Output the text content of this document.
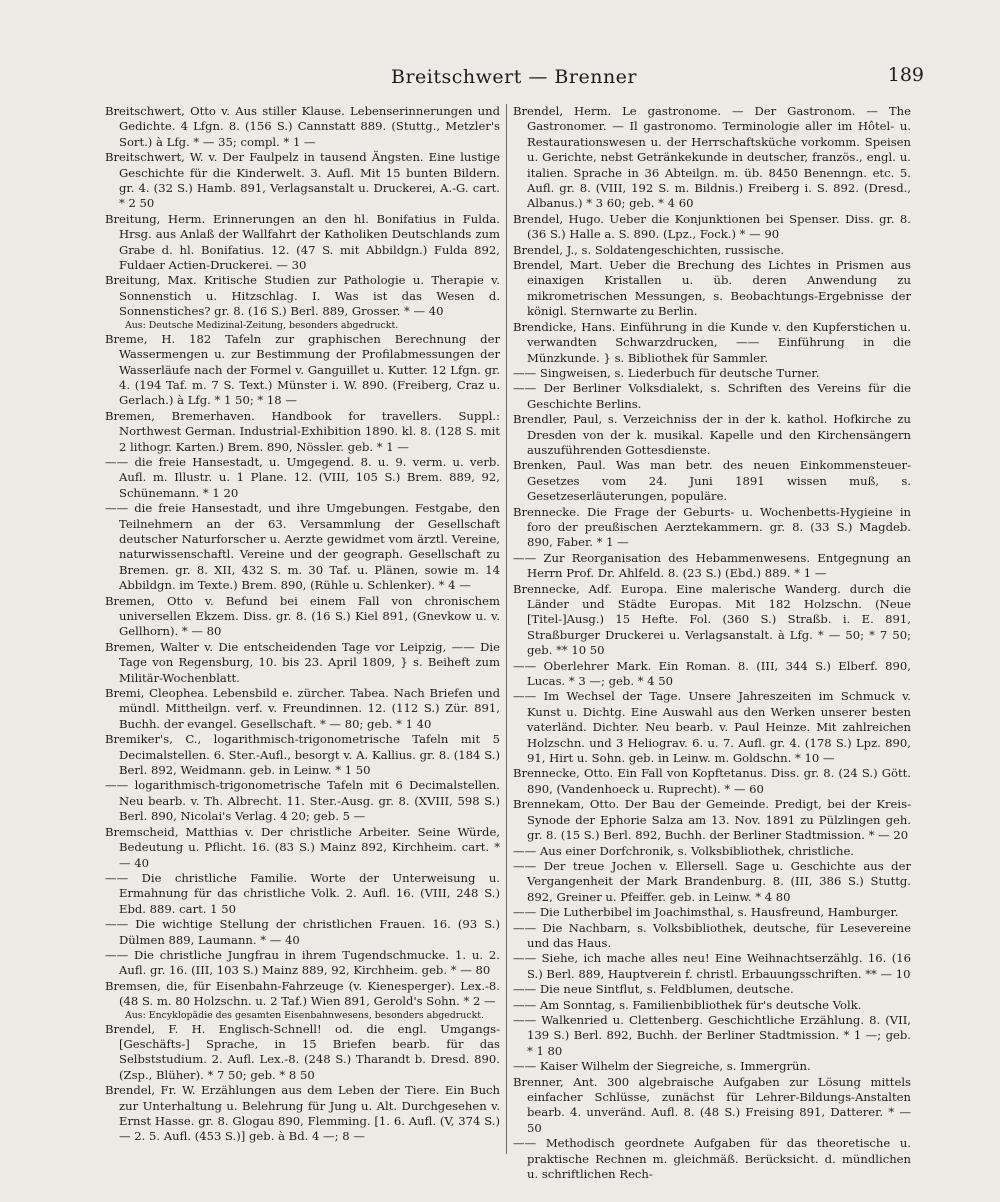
Breitschwert — Brenner	189

Breitschwert, Otto v. Aus stiller Klause. Lebenserinnerungen und Gedichte. 4 Lfgn. 8. (156 S.) Cannstatt 889. (Stuttg., Metzler's Sort.) à Lfg. * — 35; compl. * 1 —

Breitschwert, W. v. Der Faulpelz in tausend Ängsten. Eine lustige Geschichte für die Kinderwelt. 3. Aufl. Mit 15 bunten Bildern. gr. 4. (32 S.) Hamb. 891, Verlagsanstalt u. Druckerei, A.-G. cart. * 2 50

Breitung, Herm. Erinnerungen an den hl. Bonifatius in Fulda. Hrsg. aus Anlaß der Wallfahrt der Katholiken Deutschlands zum Grabe d. hl. Bonifatius. 12. (47 S. mit Abbildgn.) Fulda 892, Fuldaer Actien-Druckerei. — 30

Breitung, Max. Kritische Studien zur Pathologie u. Therapie v. Sonnenstich u. Hitzschlag. I. Was ist das Wesen d. Sonnenstiches? gr. 8. (16 S.) Berl. 889, Grosser. * — 40

Aus: Deutsche Medizinal-Zeitung, besonders abgedruckt.

Breme, H. 182 Tafeln zur graphischen Berechnung der Wassermengen u. zur Bestimmung der Profilabmessungen der Wasserläufe nach der Formel v. Ganguillet u. Kutter. 12 Lfgn. gr. 4. (194 Taf. m. 7 S. Text.) Münster i. W. 890. (Freiberg, Craz u. Gerlach.) à Lfg. * 1 50; * 18 —

Bremen, Bremerhaven. Handbook for travellers. Suppl.: Northwest German. Industrial-Exhibition 1890. kl. 8. (128 S. mit 2 lithogr. Karten.) Brem. 890, Nössler. geb. * 1 —

—— die freie Hansestadt, u. Umgegend. 8. u. 9. verm. u. verb. Aufl. m. Illustr. u. 1 Plane. 12. (VIII, 105 S.) Brem. 889, 92, Schünemann. * 1 20

—— die freie Hansestadt, und ihre Umgebungen. Festgabe, den Teilnehmern an der 63. Versammlung der Gesellschaft deutscher Naturforscher u. Aerzte gewidmet vom ärztl. Vereine, naturwissenschaftl. Vereine und der geograph. Gesellschaft zu Bremen. gr. 8. XII, 432 S. m. 30 Taf. u. Plänen, sowie m. 14 Abbildgn. im Texte.) Brem. 890, (Rühle u. Schlenker). * 4 —

Bremen, Otto v. Befund bei einem Fall von chronischem universellen Ekzem. Diss. gr. 8. (16 S.) Kiel 891, (Gnevkow u. v. Gellhorn). * — 80

Bremen, Walter v. Die entscheidenden Tage vor Leipzig, —— Die Tage von Regensburg, 10. bis 23. April 1809, } s. Beiheft zum Militär-Wochenblatt.

Bremi, Cleophea. Lebensbild e. zürcher. Tabea. Nach Briefen und mündl. Mittheilgn. verf. v. Freundinnen. 12. (112 S.) Zür. 891, Buchh. der evangel. Gesellschaft. * — 80; geb. * 1 40

Bremiker's, C., logarithmisch-trigonometrische Tafeln mit 5 Decimalstellen. 6. Ster.-Aufl., besorgt v. A. Kallius. gr. 8. (184 S.) Berl. 892, Weidmann. geb. in Leinw. * 1 50

—— logarithmisch-trigonometrische Tafeln mit 6 Decimalstellen. Neu bearb. v. Th. Albrecht. 11. Ster.-Ausg. gr. 8. (XVIII, 598 S.) Berl. 890, Nicolai's Verlag. 4 20; geb. 5 —

Bremscheid, Matthias v. Der christliche Arbeiter. Seine Würde, Bedeutung u. Pflicht. 16. (83 S.) Mainz 892, Kirchheim. cart. * — 40

—— Die christliche Familie. Worte der Unterweisung u. Ermahnung für das christliche Volk. 2. Aufl. 16. (VIII, 248 S.) Ebd. 889. cart. 1 50

—— Die wichtige Stellung der christlichen Frauen. 16. (93 S.) Dülmen 889, Laumann. * — 40

—— Die christliche Jungfrau in ihrem Tugendschmucke. 1. u. 2. Aufl. gr. 16. (III, 103 S.) Mainz 889, 92, Kirchheim. geb. * — 80

Bremsen, die, für Eisenbahn-Fahrzeuge (v. Kienesperger). Lex.-8. (48 S. m. 80 Holzschn. u. 2 Taf.) Wien 891, Gerold's Sohn. * 2 —

Aus: Encyklopädie des gesamten Eisenbahnwesens, besonders abgedruckt.

Brendel, F. H. Englisch-Schnell! od. die engl. Umgangs-[Geschäfts-] Sprache, in 15 Briefen bearb. für das Selbststudium. 2. Aufl. Lex.-8. (248 S.) Tharandt b. Dresd. 890. (Zsp., Blüher). * 7 50; geb. * 8 50

Brendel, Fr. W. Erzählungen aus dem Leben der Tiere. Ein Buch zur Unterhaltung u. Belehrung für Jung u. Alt. Durchgesehen v. Ernst Hasse. gr. 8. Glogau 890, Flemming. [1. 6. Aufl. (V, 374 S.) — 2. 5. Aufl. (453 S.)] geb. à Bd. 4 —; 8 —

Brendel, Herm. Le gastronome. — Der Gastronom. — The Gastronomer. — Il gastronomo. Terminologie aller im Hôtel- u. Restaurationswesen u. der Herrschaftsküche vorkomm. Speisen u. Gerichte, nebst Getränkekunde in deutscher, französ., engl. u. italien. Sprache in 36 Abteilgn. m. üb. 8450 Benenngn. etc. 5. Aufl. gr. 8. (VIII, 192 S. m. Bildnis.) Freiberg i. S. 892. (Dresd., Albanus.) * 3 60; geb. * 4 60

Brendel, Hugo. Ueber die Konjunktionen bei Spenser. Diss. gr. 8. (36 S.) Halle a. S. 890. (Lpz., Fock.) * — 90

Brendel, J., s. Soldatengeschichten, russische.

Brendel, Mart. Ueber die Brechung des Lichtes in Prismen aus einaxigen Kristallen u. üb. deren Anwendung zu mikrometrischen Messungen, s. Beobachtungs-Ergebnisse der königl. Sternwarte zu Berlin.

Brendicke, Hans. Einführung in die Kunde v. den Kupferstichen u. verwandten Schwarzdrucken, —— Einführung in die Münzkunde. } s. Bibliothek für Sammler.

—— Singweisen, s. Liederbuch für deutsche Turner.

—— Der Berliner Volksdialekt, s. Schriften des Vereins für die Geschichte Berlins.

Brendler, Paul, s. Verzeichniss der in der k. kathol. Hofkirche zu Dresden von der k. musikal. Kapelle und den Kirchensängern auszuführenden Gottesdienste.

Brenken, Paul. Was man betr. des neuen Einkommensteuer-Gesetzes vom 24. Juni 1891 wissen muß, s. Gesetzeserläuterungen, populäre.

Brennecke. Die Frage der Geburts- u. Wochenbetts-Hygieine in foro der preußischen Aerztekammern. gr. 8. (33 S.) Magdeb. 890, Faber. * 1 —

—— Zur Reorganisation des Hebammenwesens. Entgegnung an Herrn Prof. Dr. Ahlfeld. 8. (23 S.) (Ebd.) 889. * 1 —

Brennecke, Adf. Europa. Eine malerische Wanderg. durch die Länder und Städte Europas. Mit 182 Holzschn. (Neue [Titel-]Ausg.) 15 Hefte. Fol. (360 S.) Straßb. i. E. 891, Straßburger Druckerei u. Verlagsanstalt. à Lfg. * — 50; * 7 50; geb. ** 10 50

—— Oberlehrer Mark. Ein Roman. 8. (III, 344 S.) Elberf. 890, Lucas. * 3 —; geb. * 4 50

—— Im Wechsel der Tage. Unsere Jahreszeiten im Schmuck v. Kunst u. Dichtg. Eine Auswahl aus den Werken unserer besten vaterländ. Dichter. Neu bearb. v. Paul Heinze. Mit zahlreichen Holzschn. und 3 Heliograv. 6. u. 7. Aufl. gr. 4. (178 S.) Lpz. 890, 91, Hirt u. Sohn. geb. in Leinw. m. Goldschn. * 10 —

Brennecke, Otto. Ein Fall von Kopftetanus. Diss. gr. 8. (24 S.) Gött. 890, (Vandenhoeck u. Ruprecht). * — 60

Brennekam, Otto. Der Bau der Gemeinde. Predigt, bei der Kreis-Synode der Ephorie Salza am 13. Nov. 1891 zu Pülzlingen geh. gr. 8. (15 S.) Berl. 892, Buchh. der Berliner Stadtmission. * — 20

—— Aus einer Dorfchronik, s. Volksbibliothek, christliche.

—— Der treue Jochen v. Ellersell. Sage u. Geschichte aus der Vergangenheit der Mark Brandenburg. 8. (III, 386 S.) Stuttg. 892, Greiner u. Pfeiffer. geb. in Leinw. * 4 80

—— Die Lutherbibel im Joachimsthal, s. Hausfreund, Hamburger.

—— Die Nachbarn, s. Volksbibliothek, deutsche, für Lesevereine und das Haus.

—— Siehe, ich mache alles neu! Eine Weihnachtserzählg. 16. (16 S.) Berl. 889, Hauptverein f. christl. Erbauungsschriften. ** — 10

—— Die neue Sintflut, s. Feldblumen, deutsche.

—— Am Sonntag, s. Familienbibliothek für's deutsche Volk.

—— Walkenried u. Clettenberg. Geschichtliche Erzählung. 8. (VII, 139 S.) Berl. 892, Buchh. der Berliner Stadtmission. * 1 —; geb. * 1 80

—— Kaiser Wilhelm der Siegreiche, s. Immergrün.

Brenner, Ant. 300 algebraische Aufgaben zur Lösung mittels einfacher Schlüsse, zunächst für Lehrer-Bildungs-Anstalten bearb. 4. unveränd. Aufl. 8. (48 S.) Freising 891, Datterer. * — 50

—— Methodisch geordnete Aufgaben für das theoretische u. praktische Rechnen m. gleichmäß. Berücksicht. d. mündlichen u. schriftlichen Rech-
